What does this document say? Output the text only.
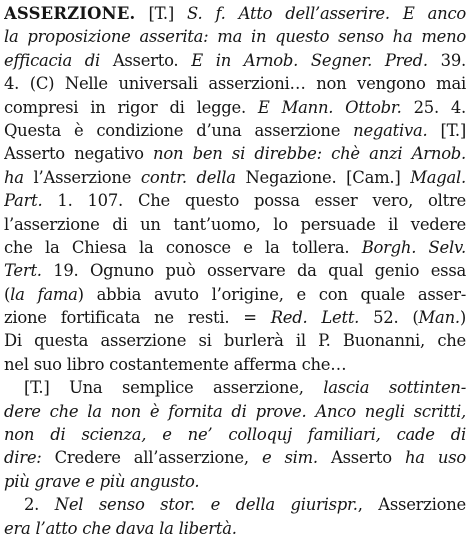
ASSERZIONE. [T.] S. f. Atto dell’asserire. E anco
la proposizione asserita: ma in questo senso ha meno
efficacia di Asserto. E in Arnob. Segner. Pred. 39.
4. (C) Nelle universali asserzioni… non vengono mai
compresi in rigor di legge. E Mann. Ottobr. 25. 4.
Questa è condizione d’una asserzione negativa. [T.]
Asserto negativo non ben si direbbe: chè anzi Arnob.
ha l’Asserzione contr. della Negazione. [Cam.] Magal.
Part. 1. 107. Che questo possa esser vero, oltre
l’asserzione di un tant’uomo, lo persuade il vedere
che la Chiesa la conosce e la tollera. Borgh. Selv.
Tert. 19. Ognuno può osservare da qual genio essa
(la fama) abbia avuto l’origine, e con quale asser-
zione fortificata ne resti. = Red. Lett. 52. (Man.)
Di questa asserzione si burlerà il P. Buonanni, che
nel suo libro costantemente afferma che…
[T.] Una semplice asserzione, lascia sottinten-
dere che la non è fornita di prove. Anco negli scritti,
non di scienza, e ne’ colloquj familiari, cade di
dire: Credere all’asserzione, e sim. Asserto ha uso
più grave e più angusto.
2. Nel senso stor. e della giurispr., Asserzione
era l’atto che dava la libertà.
